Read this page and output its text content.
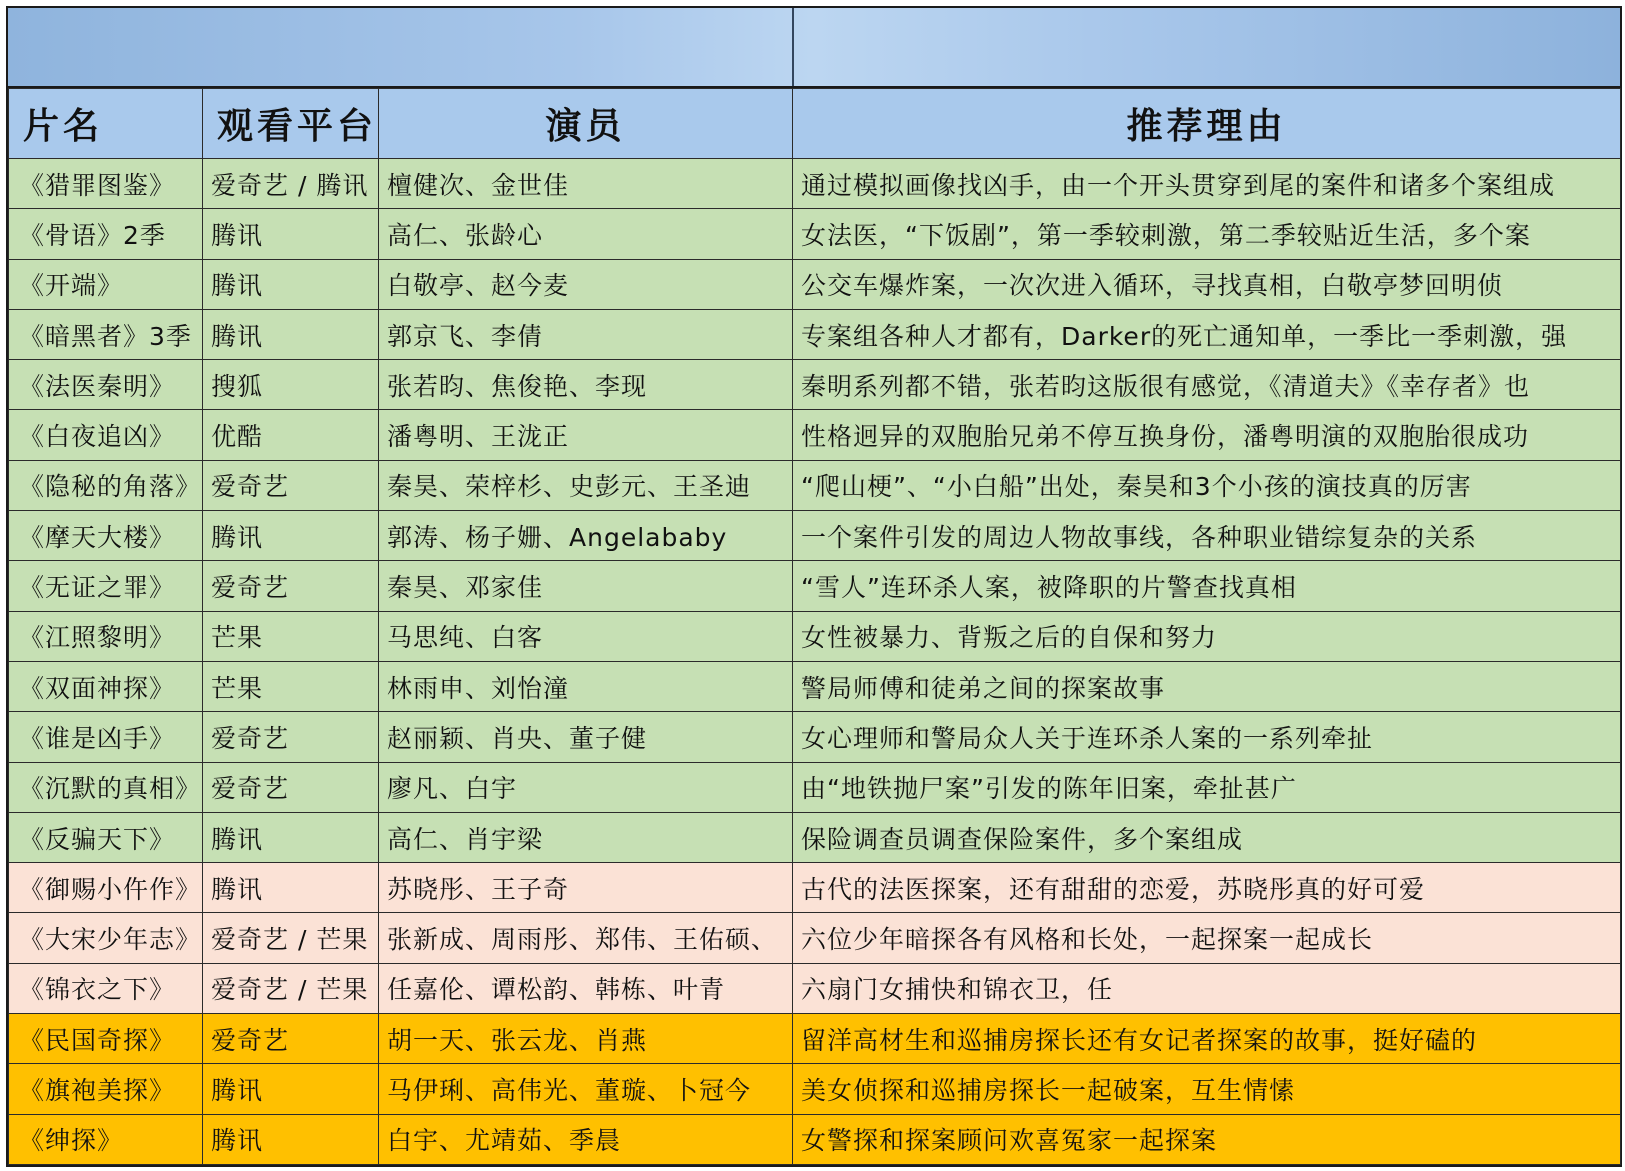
片名	观看平台	演员	推荐理由
《猎罪图鉴》	爱奇艺 / 腾讯	檀健次、金世佳	通过模拟画像找凶手，由一个开头贯穿到尾的案件和诸多个案组成
《骨语》2季	腾讯	高仁、张龄心	女法医，“下饭剧”，第一季较刺激，第二季较贴近生活，多个案
《开端》	腾讯	白敬亭、赵今麦	公交车爆炸案，一次次进入循环，寻找真相，白敬亭梦回明侦
《暗黑者》3季	腾讯	郭京飞、李倩	专案组各种人才都有，Darker的死亡通知单，一季比一季刺激，强
《法医秦明》	搜狐	张若昀、焦俊艳、李现	秦明系列都不错，张若昀这版很有感觉，《清道夫》《幸存者》也
《白夜追凶》	优酷	潘粤明、王泷正	性格迥异的双胞胎兄弟不停互换身份，潘粤明演的双胞胎很成功
《隐秘的角落》	爱奇艺	秦昊、荣梓杉、史彭元、王圣迪	“爬山梗”、“小白船”出处，秦昊和3个小孩的演技真的厉害
《摩天大楼》	腾讯	郭涛、杨子姗、Angelababy	一个案件引发的周边人物故事线，各种职业错综复杂的关系
《无证之罪》	爱奇艺	秦昊、邓家佳	“雪人”连环杀人案，被降职的片警查找真相
《江照黎明》	芒果	马思纯、白客	女性被暴力、背叛之后的自保和努力
《双面神探》	芒果	林雨申、刘怡潼	警局师傅和徒弟之间的探案故事
《谁是凶手》	爱奇艺	赵丽颖、肖央、董子健	女心理师和警局众人关于连环杀人案的一系列牵扯
《沉默的真相》	爱奇艺	廖凡、白宇	由“地铁抛尸案”引发的陈年旧案，牵扯甚广
《反骗天下》	腾讯	高仁、肖宇梁	保险调查员调查保险案件，多个案组成
《御赐小仵作》	腾讯	苏晓彤、王子奇	古代的法医探案，还有甜甜的恋爱，苏晓彤真的好可爱
《大宋少年志》	爱奇艺 / 芒果	张新成、周雨彤、郑伟、王佑硕、	六位少年暗探各有风格和长处，一起探案一起成长
《锦衣之下》	爱奇艺 / 芒果	任嘉伦、谭松韵、韩栋、叶青	六扇门女捕快和锦衣卫，任
《民国奇探》	爱奇艺	胡一天、张云龙、肖燕	留洋高材生和巡捕房探长还有女记者探案的故事，挺好磕的
《旗袍美探》	腾讯	马伊琍、高伟光、董璇、卜冠今	美女侦探和巡捕房探长一起破案，互生情愫
《绅探》	腾讯	白宇、尤靖茹、季晨	女警探和探案顾问欢喜冤家一起探案
